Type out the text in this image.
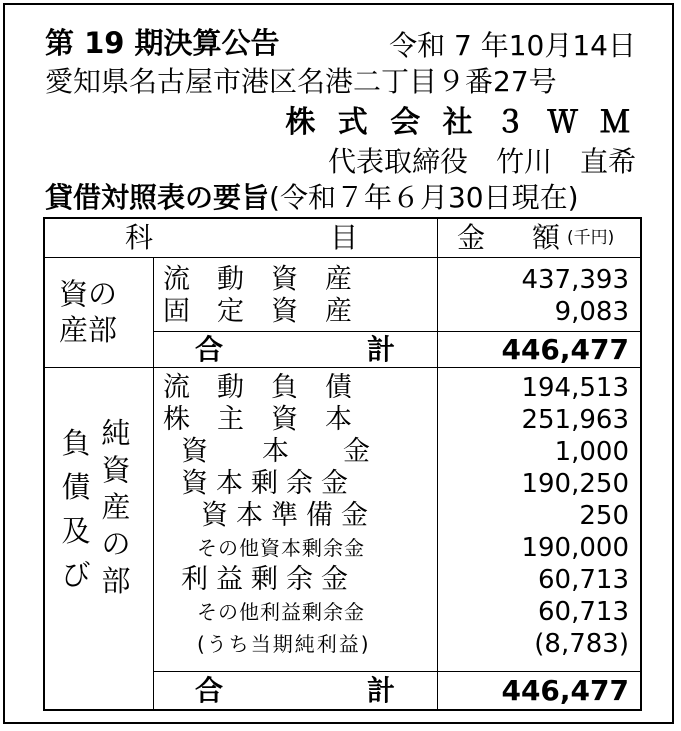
第 19 期決算公告	令和 7 年10月14日
愛知県名古屋市港区名港二丁目９番27号
株 式 会 社 ３ Ｗ Ｍ
代表取締役　竹川　直希
貸借対照表の要旨(令和７年６月30日現在)
科	目	金 額 (千円)
資の
産部
流　動　資　産	437,393
固　定　資　産	9,083
合	計	446,477
負
債
及
び
純
資
産
の
部
流　動　負　債	194,513
株　主　資　本	251,963
資　　本　　金	1,000
資本剰余金	190,250
資本準備金	250
その他資本剰余金	190,000
利益剰余金	60,713
その他利益剰余金	60,713
(うち当期純利益)	(8,783)
合	計	446,477
